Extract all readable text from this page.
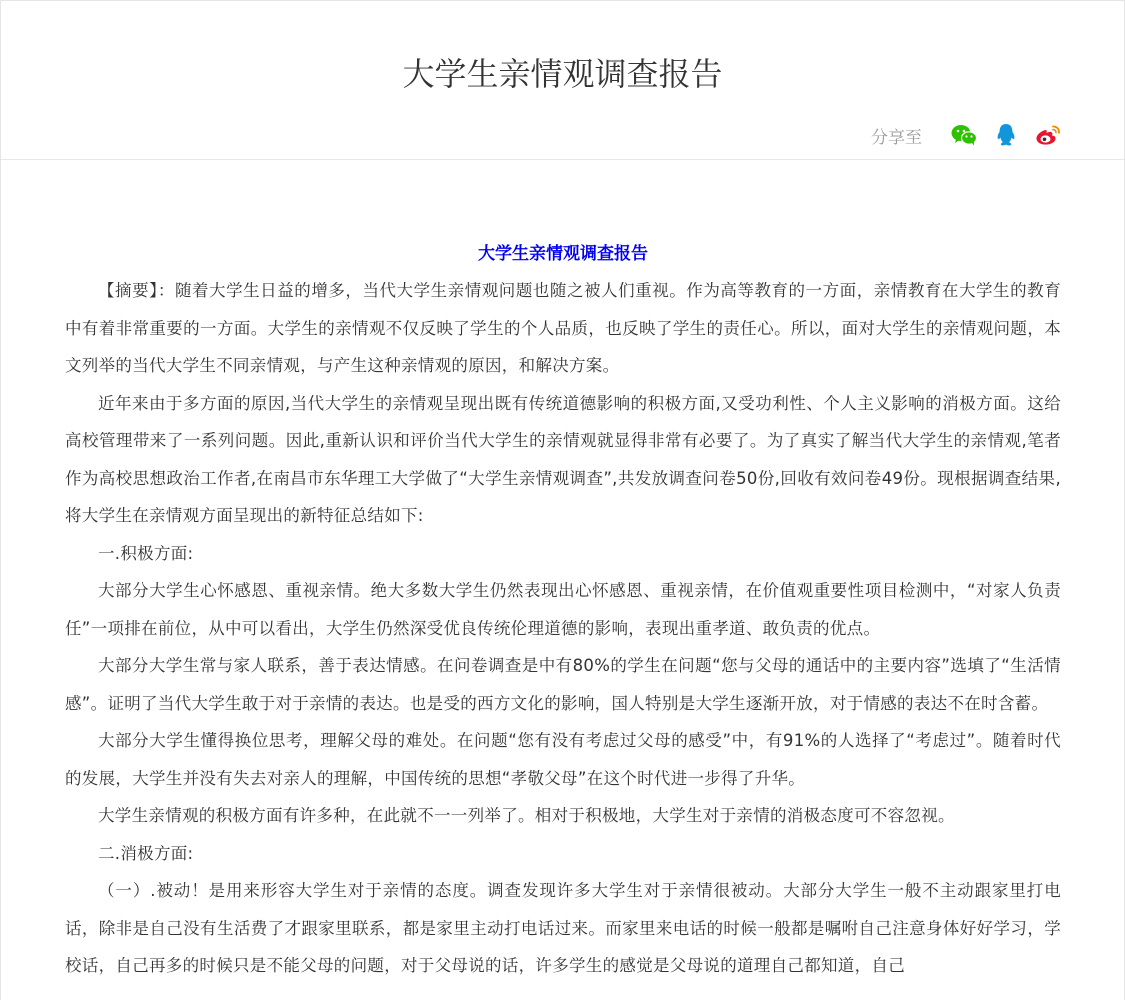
大学生亲情观调查报告
分享至

大学生亲情观调查报告

【摘要】：随着大学生日益的增多，当代大学生亲情观问题也随之被人们重视。作为高等教育的一方面，亲情教育在大学生的教育中有着非常重要的一方面。大学生的亲情观不仅反映了学生的个人品质，也反映了学生的责任心。所以，面对大学生的亲情观问题，本文列举的当代大学生不同亲情观，与产生这种亲情观的原因，和解决方案。

近年来由于多方面的原因,当代大学生的亲情观呈现出既有传统道德影响的积极方面,又受功利性、个人主义影响的消极方面。这给高校管理带来了一系列问题。因此,重新认识和评价当代大学生的亲情观就显得非常有必要了。为了真实了解当代大学生的亲情观,笔者作为高校思想政治工作者,在南昌市东华理工大学做了“大学生亲情观调查”,共发放调查问卷50份,回收有效问卷49份。现根据调查结果,将大学生在亲情观方面呈现出的新特征总结如下:

一.积极方面:

大部分大学生心怀感恩、重视亲情。绝大多数大学生仍然表现出心怀感恩、重视亲情，在价值观重要性项目检测中，“对家人负责任”一项排在前位，从中可以看出，大学生仍然深受优良传统伦理道德的影响，表现出重孝道、敢负责的优点。

大部分大学生常与家人联系，善于表达情感。在问卷调查是中有80%的学生在问题“您与父母的通话中的主要内容”选填了“生活情感”。证明了当代大学生敢于对于亲情的表达。也是受的西方文化的影响，国人特别是大学生逐渐开放，对于情感的表达不在时含蓄。

大部分大学生懂得换位思考，理解父母的难处。在问题“您有没有考虑过父母的感受”中，有91%的人选择了“考虑过”。随着时代的发展，大学生并没有失去对亲人的理解，中国传统的思想“孝敬父母”在这个时代进一步得了升华。

大学生亲情观的积极方面有许多种，在此就不一一列举了。相对于积极地，大学生对于亲情的消极态度可不容忽视。

二.消极方面:

（一）.被动！是用来形容大学生对于亲情的态度。调查发现许多大学生对于亲情很被动。大部分大学生一般不主动跟家里打电话，除非是自己没有生活费了才跟家里联系，都是家里主动打电话过来。而家里来电话的时候一般都是嘱咐自己注意身体好好学习，学校话，自己再多的时候只是不能父母的问题，对于父母说的话，许多学生的感觉是父母说的道理自己都知道，自己
